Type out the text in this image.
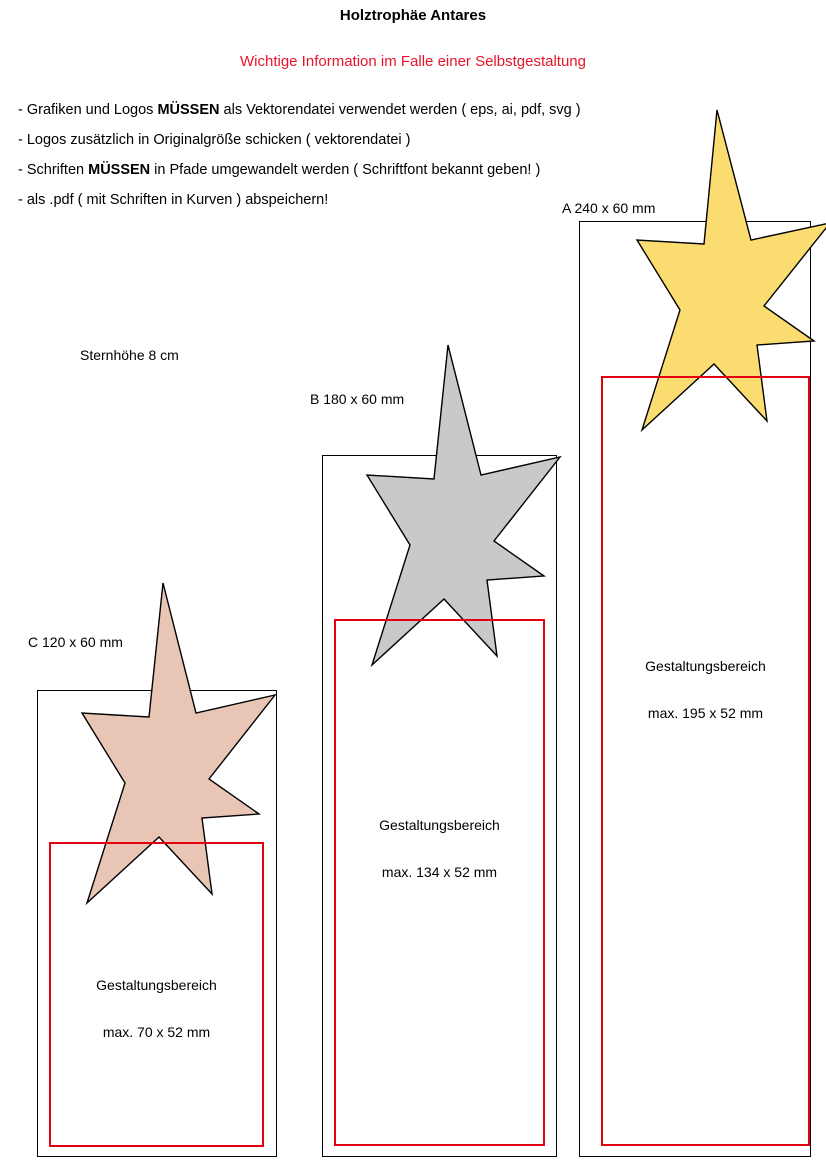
Holztrophäe Antares
Wichtige Information im Falle einer Selbstgestaltung
- Grafiken und Logos MÜSSEN als Vektorendatei verwendet werden ( eps, ai, pdf, svg )
- Logos zusätzlich in Originalgröße schicken ( vektorendatei )
- Schriften MÜSSEN in Pfade umgewandelt werden ( Schriftfont bekannt geben! )
- als .pdf ( mit Schriften in Kurven ) abspeichern!
Sternhöhe 8 cm
A 240 x 60 mm
Gestaltungsbereich
max. 195 x 52 mm
B 180 x 60 mm
Gestaltungsbereich
max. 134 x 52 mm
C 120 x 60 mm
Gestaltungsbereich
max. 70 x 52 mm
